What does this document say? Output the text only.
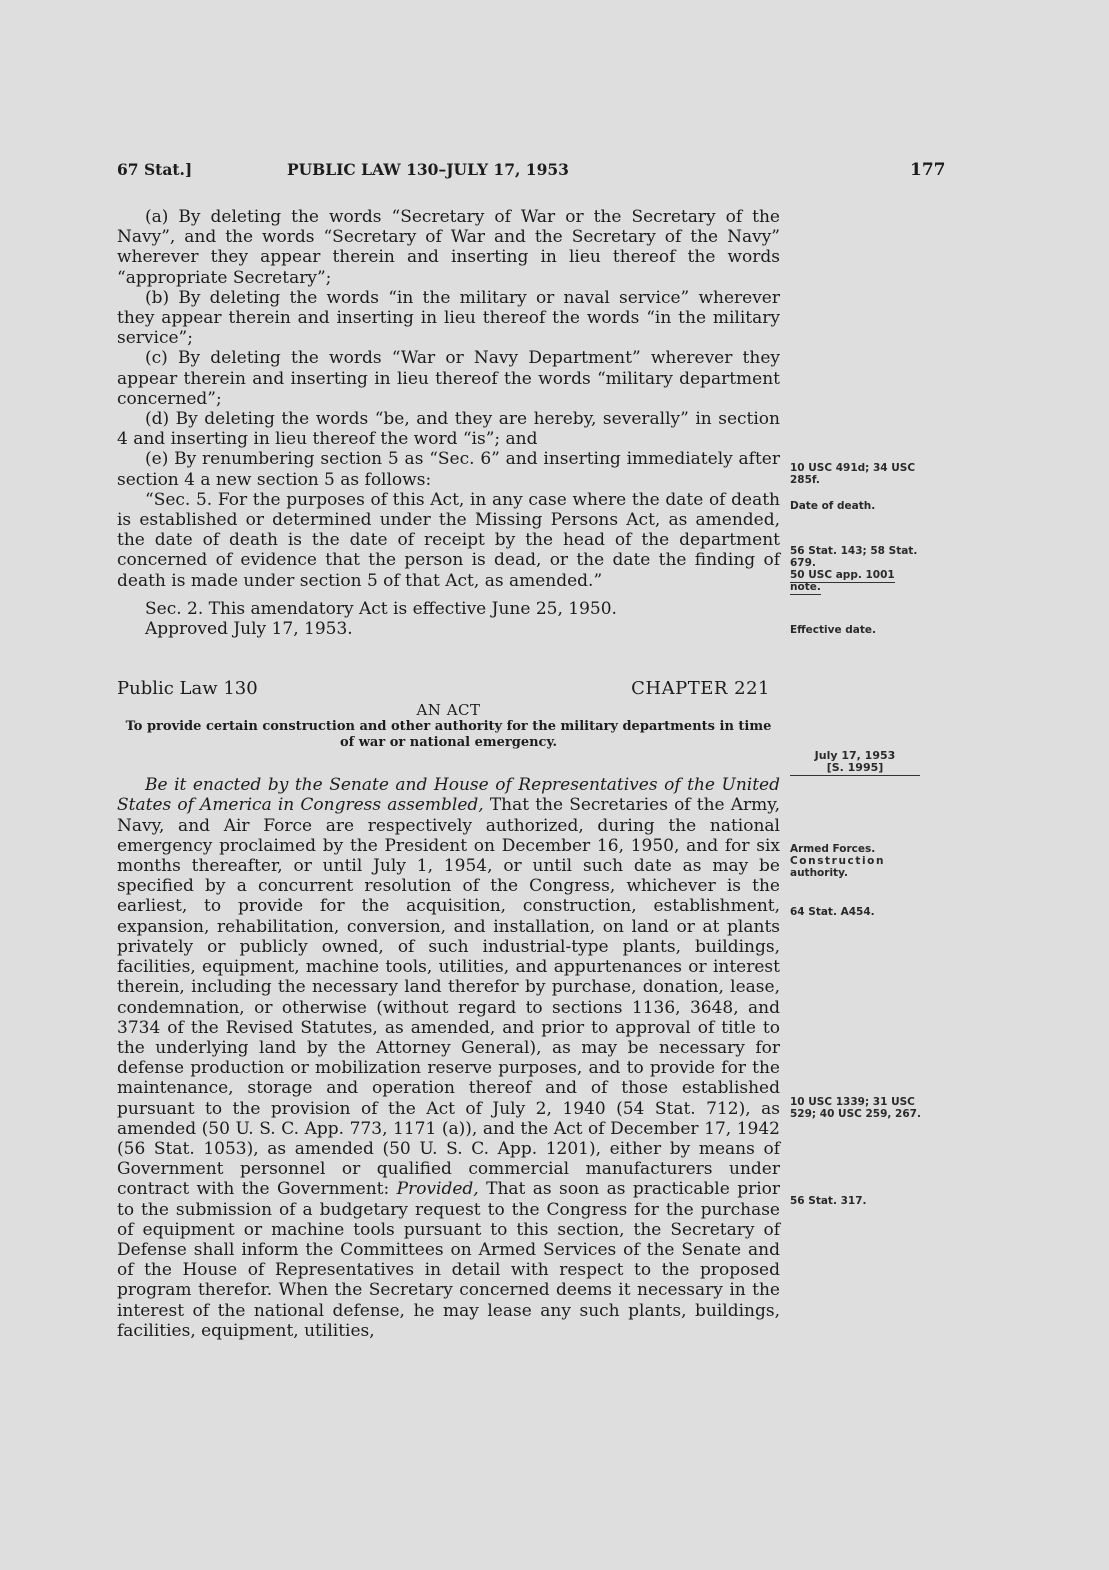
67 Stat.]	PUBLIC LAW 130–JULY 17, 1953	177

(a) By deleting the words “Secretary of War or the Secretary of the Navy”, and the words “Secretary of War and the Secretary of the Navy” wherever they appear therein and inserting in lieu thereof the words “appropriate Secretary”;

(b) By deleting the words “in the military or naval service” wherever they appear therein and inserting in lieu thereof the words “in the military service”;

(c) By deleting the words “War or Navy Department” wherever they appear therein and inserting in lieu thereof the words “military department concerned”;

(d) By deleting the words “be, and they are hereby, severally” in section 4 and inserting in lieu thereof the word “is”; and

(e) By renumbering section 5 as “Sec. 6” and inserting immediately after section 4 a new section 5 as follows:

“Sec. 5. For the purposes of this Act, in any case where the date of death is established or determined under the Missing Persons Act, as amended, the date of death is the date of receipt by the head of the department concerned of evidence that the person is dead, or the date the finding of death is made under section 5 of that Act, as amended.”

Sec. 2. This amendatory Act is effective June 25, 1950.

Approved July 17, 1953.

Public Law 130	CHAPTER 221
AN ACT
To provide certain construction and other authority for the military departments in time of war or national emergency.

Be it enacted by the Senate and House of Representatives of the United States of America in Congress assembled, That the Secretaries of the Army, Navy, and Air Force are respectively authorized, during the national emergency proclaimed by the President on December 16, 1950, and for six months thereafter, or until July 1, 1954, or until such date as may be specified by a concurrent resolution of the Congress, whichever is the earliest, to provide for the acquisition, construction, establishment, expansion, rehabilitation, conversion, and installation, on land or at plants privately or publicly owned, of such industrial-type plants, buildings, facilities, equipment, machine tools, utilities, and appurtenances or interest therein, including the necessary land therefor by purchase, donation, lease, condemnation, or otherwise (without regard to sections 1136, 3648, and 3734 of the Revised Statutes, as amended, and prior to approval of title to the underlying land by the Attorney General), as may be necessary for defense production or mobilization reserve purposes, and to provide for the maintenance, storage and operation thereof and of those established pursuant to the provision of the Act of July 2, 1940 (54 Stat. 712), as amended (50 U. S. C. App. 773, 1171 (a)), and the Act of December 17, 1942 (56 Stat. 1053), as amended (50 U. S. C. App. 1201), either by means of Government personnel or qualified commercial manufacturers under contract with the Government: Provided, That as soon as practicable prior to the submission of a budgetary request to the Congress for the purchase of equipment or machine tools pursuant to this section, the Secretary of Defense shall inform the Committees on Armed Services of the Senate and of the House of Representatives in detail with respect to the proposed program therefor. When the Secretary concerned deems it necessary in the interest of the national defense, he may lease any such plants, buildings, facilities, equipment, utilities,

10 USC 491d; 34 USC 285f.
Date of death.
56 Stat. 143; 58 Stat. 679.
50 USC app. 1001 note.
Effective date.
July 17, 1953
[S. 1995]
Armed Forces.
Construction
authority.
64 Stat. A454.
10 USC 1339; 31 USC 529; 40 USC 259, 267.
56 Stat. 317.
